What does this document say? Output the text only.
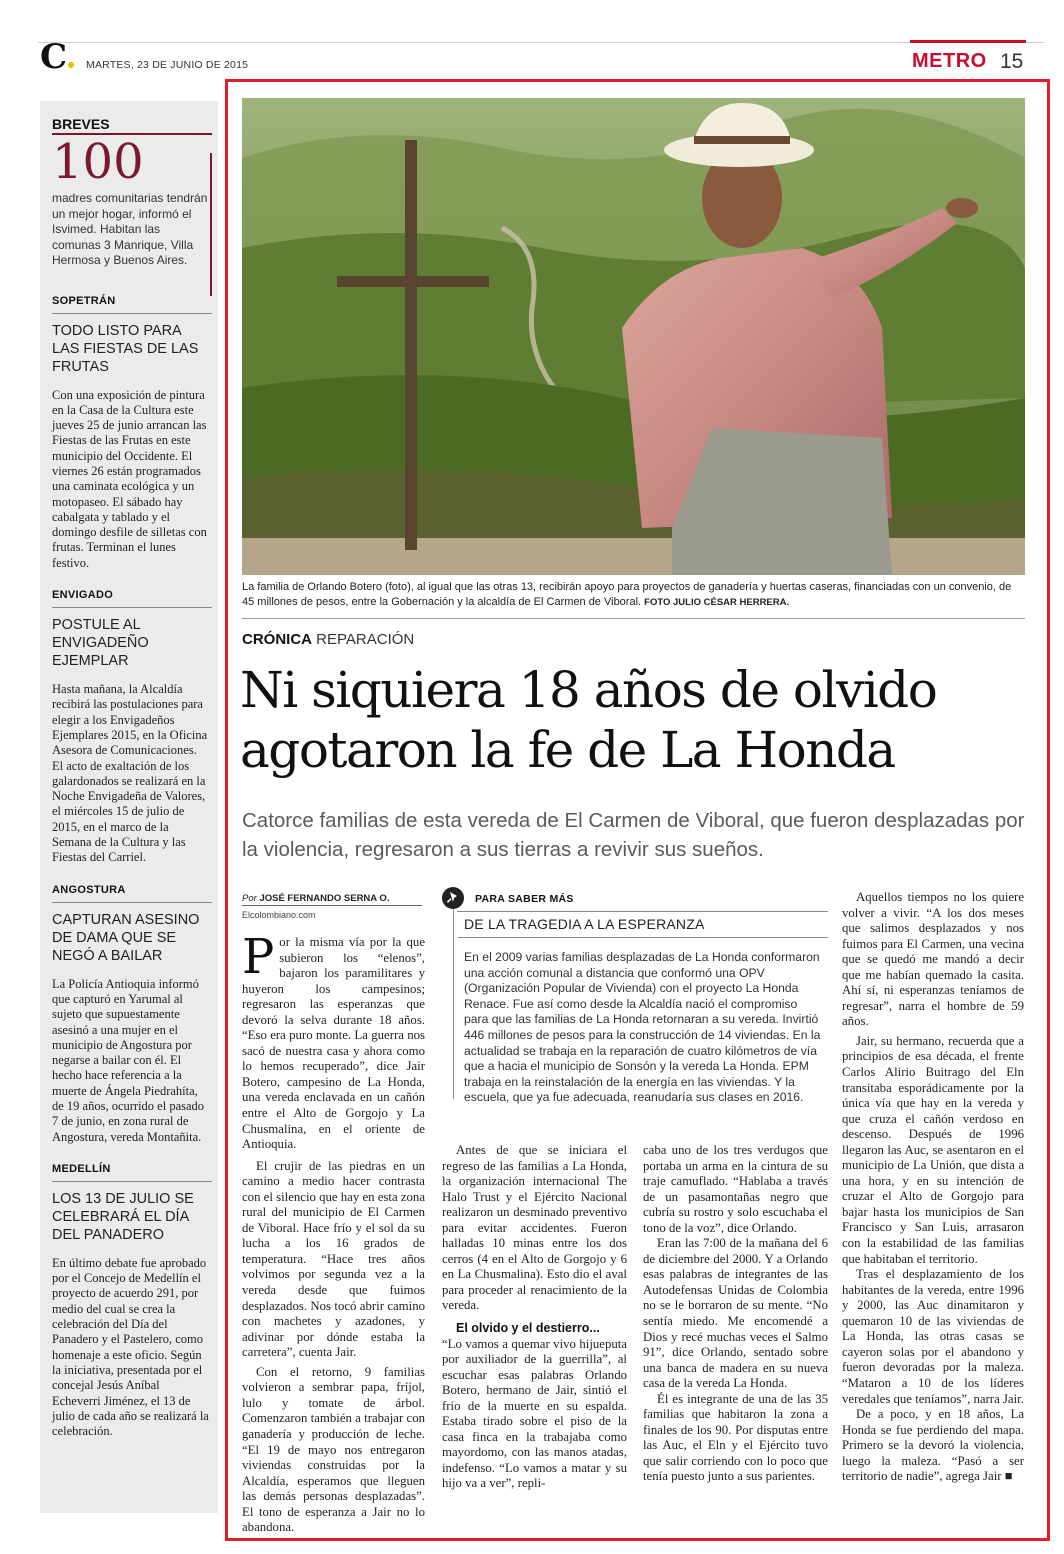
C	MARTES, 23 DE JUNIO DE 2015	METRO 15
BREVES
100
madres comunitarias tendrán un mejor hogar, informó el Isvimed. Habitan las comunas 3 Manrique, Villa Hermosa y Buenos Aires.
SOPETRÁN
TODO LISTO PARA LAS FIESTAS DE LAS FRUTAS
Con una exposición de pintura en la Casa de la Cultura este jueves 25 de junio arrancan las Fiestas de las Frutas en este municipio del Occidente. El viernes 26 están programados una caminata ecológica y un motopaseo. El sábado hay cabalgata y tablado y el domingo desfile de silletas con frutas. Terminan el lunes festivo.
ENVIGADO
POSTULE AL ENVIGADEÑO EJEMPLAR
Hasta mañana, la Alcaldía recibirá las postulaciones para elegir a los Envigadeños Ejemplares 2015, en la Oficina Asesora de Comunicaciones. El acto de exaltación de los galardonados se realizará en la Noche Envigadeña de Valores, el miércoles 15 de julio de 2015, en el marco de la Semana de la Cultura y las Fiestas del Carriel.
ANGOSTURA
CAPTURAN ASESINO DE DAMA QUE SE NEGÓ A BAILAR
La Policía Antioquia informó que capturó en Yarumal al sujeto que supuestamente asesinó a una mujer en el municipio de Angostura por negarse a bailar con él. El hecho hace referencia a la muerte de Ángela Piedrahíta, de 19 años, ocurrido el pasado 7 de junio, en zona rural de Angostura, vereda Montañita.
MEDELLÍN
LOS 13 DE JULIO SE CELEBRARÁ EL DÍA DEL PANADERO
En último debate fue aprobado por el Concejo de Medellín el proyecto de acuerdo 291, por medio del cual se crea la celebración del Día del Panadero y el Pastelero, como homenaje a este oficio. Según la iniciativa, presentada por el concejal Jesús Aníbal Echeverri Jiménez, el 13 de julio de cada año se realizará la celebración.
La familia de Orlando Botero (foto), al igual que las otras 13, recibirán apoyo para proyectos de ganadería y huertas caseras, financiadas con un convenio, de 45 millones de pesos, entre la Gobernación y la alcaldía de El Carmen de Viboral. FOTO JULIO CÉSAR HERRERA.
CRÓNICA REPARACIÓN
Ni siquiera 18 años de olvido
agotaron la fe de La Honda
Catorce familias de esta vereda de El Carmen de Viboral, que fueron desplazadas por la violencia, regresaron a sus tierras a revivir sus sueños.
Por JOSÉ FERNANDO SERNA O.
Elcolombiano.com

Por la misma vía por la que subieron los “elenos”, bajaron los paramilitares y huyeron los campesinos; regresaron las esperanzas que devoró la selva durante 18 años. “Eso era puro monte. La guerra nos sacó de nuestra casa y ahora como lo hemos recuperado”, dice Jair Botero, campesino de La Honda, una vereda enclavada en un cañón entre el Alto de Gorgojo y La Chusmalina, en el oriente de Antioquia.

El crujir de las piedras en un camino a medio hacer contrasta con el silencio que hay en esta zona rural del municipio de El Carmen de Viboral. Hace frío y el sol da su lucha a los 16 grados de temperatura. “Hace tres años volvimos por segunda vez a la vereda desde que fuimos desplazados. Nos tocó abrir camino con machetes y azadones, y adivinar por dónde estaba la carretera”, cuenta Jair.

Con el retorno, 9 familias volvieron a sembrar papa, fríjol, lulo y tomate de árbol. Comenzaron también a trabajar con ganadería y producción de leche. “El 19 de mayo nos entregaron viviendas construidas por la Alcaldía, esperamos que lleguen las demás personas desplazadas”. El tono de esperanza a Jair no lo abandona.

PARA SABER MÁS
DE LA TRAGEDIA A LA ESPERANZA
En el 2009 varias familias desplazadas de La Honda conformaron una acción comunal a distancia que conformó una OPV (Organización Popular de Vivienda) con el proyecto La Honda Renace. Fue así como desde la Alcaldía nació el compromiso para que las familias de La Honda retornaran a su vereda. Invirtió 446 millones de pesos para la construcción de 14 viviendas. En la actualidad se trabaja en la reparación de cuatro kilómetros de vía que a hacia el municipio de Sonsón y la vereda La Honda. EPM trabaja en la reinstalación de la energía en las viviendas. Y la escuela, que ya fue adecuada, reanudaría sus clases en 2016.

Antes de que se iniciara el regreso de las familias a La Honda, la organización internacional The Halo Trust y el Ejército Nacional realizaron un desminado preventivo para evitar accidentes. Fueron halladas 10 minas entre los dos cerros (4 en el Alto de Gorgojo y 6 en La Chusmalina). Esto dio el aval para proceder al renacimiento de la vereda.

El olvido y el destierro...

“Lo vamos a quemar vivo hijueputa por auxiliador de la guerrilla”, al escuchar esas palabras Orlando Botero, hermano de Jair, sintió el frío de la muerte en su espalda. Estaba tirado sobre el piso de la casa finca en la trabajaba como mayordomo, con las manos atadas, indefenso. “Lo vamos a matar y su hijo va a ver”, repli-

caba uno de los tres verdugos que portaba un arma en la cintura de su traje camuflado. “Hablaba a través de un pasamontañas negro que cubría su rostro y solo escuchaba el tono de la voz”, dice Orlando.

Eran las 7:00 de la mañana del 6 de diciembre del 2000. Y a Orlando esas palabras de integrantes de las Autodefensas Unidas de Colombia no se le borraron de su mente. “No sentía miedo. Me encomendé a Dios y recé muchas veces el Salmo 91”, dice Orlando, sentado sobre una banca de madera en su nueva casa de la vereda La Honda.

Él es integrante de una de las 35 familias que habitaron la zona a finales de los 90. Por disputas entre las Auc, el Eln y el Ejército tuvo que salir corriendo con lo poco que tenía puesto junto a sus parientes.

Aquellos tiempos no los quiere volver a vivir. “A los dos meses que salimos desplazados y nos fuimos para El Carmen, una vecina que se quedó me mandó a decir que me habían quemado la casita. Ahí sí, ni esperanzas teníamos de regresar”, narra el hombre de 59 años.

Jair, su hermano, recuerda que a principios de esa década, el frente Carlos Alirio Buitrago del Eln transitaba esporádicamente por la única vía que hay en la vereda y que cruza el cañón verdoso en descenso. Después de 1996 llegaron las Auc, se asentaron en el municipio de La Unión, que dista a una hora, y en su intención de cruzar el Alto de Gorgojo para bajar hasta los municipios de San Francisco y San Luis, arrasaron con la estabilidad de las familias que habitaban el territorio.

Tras el desplazamiento de los habitantes de la vereda, entre 1996 y 2000, las Auc dinamitaron y quemaron 10 de las viviendas de La Honda, las otras casas se cayeron solas por el abandono y fueron devoradas por la maleza. “Mataron a 10 de los líderes veredales que teníamos”, narra Jair.

De a poco, y en 18 años, La Honda se fue perdiendo del mapa. Primero se la devoró la violencia, luego la maleza. “Pasó a ser territorio de nadie”, agrega Jair ■
